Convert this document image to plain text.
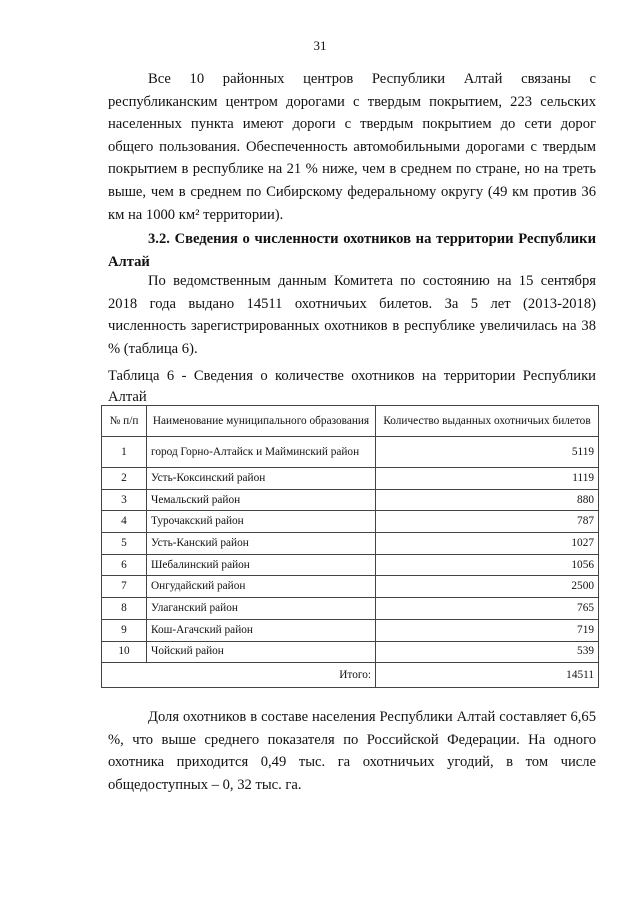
31

Все 10 районных центров Республики Алтай связаны с республиканским центром дорогами с твердым покрытием, 223 сельских населенных пункта имеют дороги с твердым покрытием до сети дорог общего пользования. Обеспеченность автомобильными дорогами с твердым покрытием в республике на 21 % ниже, чем в среднем по стране, но на треть выше, чем в среднем по Сибирскому федеральному округу (49 км против 36 км на 1000 км² территории).

3.2. Сведения о численности охотников на территории Республики Алтай

По ведомственным данным Комитета по состоянию на 15 сентября 2018 года выдано 14511 охотничьих билетов. За 5 лет (2013-2018) численность зарегистрированных охотников в республике увеличилась на 38 % (таблица 6).

Таблица 6 - Сведения о количестве охотников на территории Республики Алтай

№ п/п	Наименование муниципального образования	Количество выданных охотничьих билетов
1	город Горно-Алтайск и Майминский район	5119
2	Усть-Коксинский район	1119
3	Чемальский район	880
4	Турочакский район	787
5	Усть-Канский район	1027
6	Шебалинский район	1056
7	Онгудайский район	2500
8	Улаганский район	765
9	Кош-Агачский район	719
10	Чойский район	539
Итого:		14511

Доля охотников в составе населения Республики Алтай составляет 6,65 %, что выше среднего показателя по Российской Федерации. На одного охотника приходится 0,49 тыс. га охотничьих угодий, в том числе общедоступных – 0, 32 тыс. га.
